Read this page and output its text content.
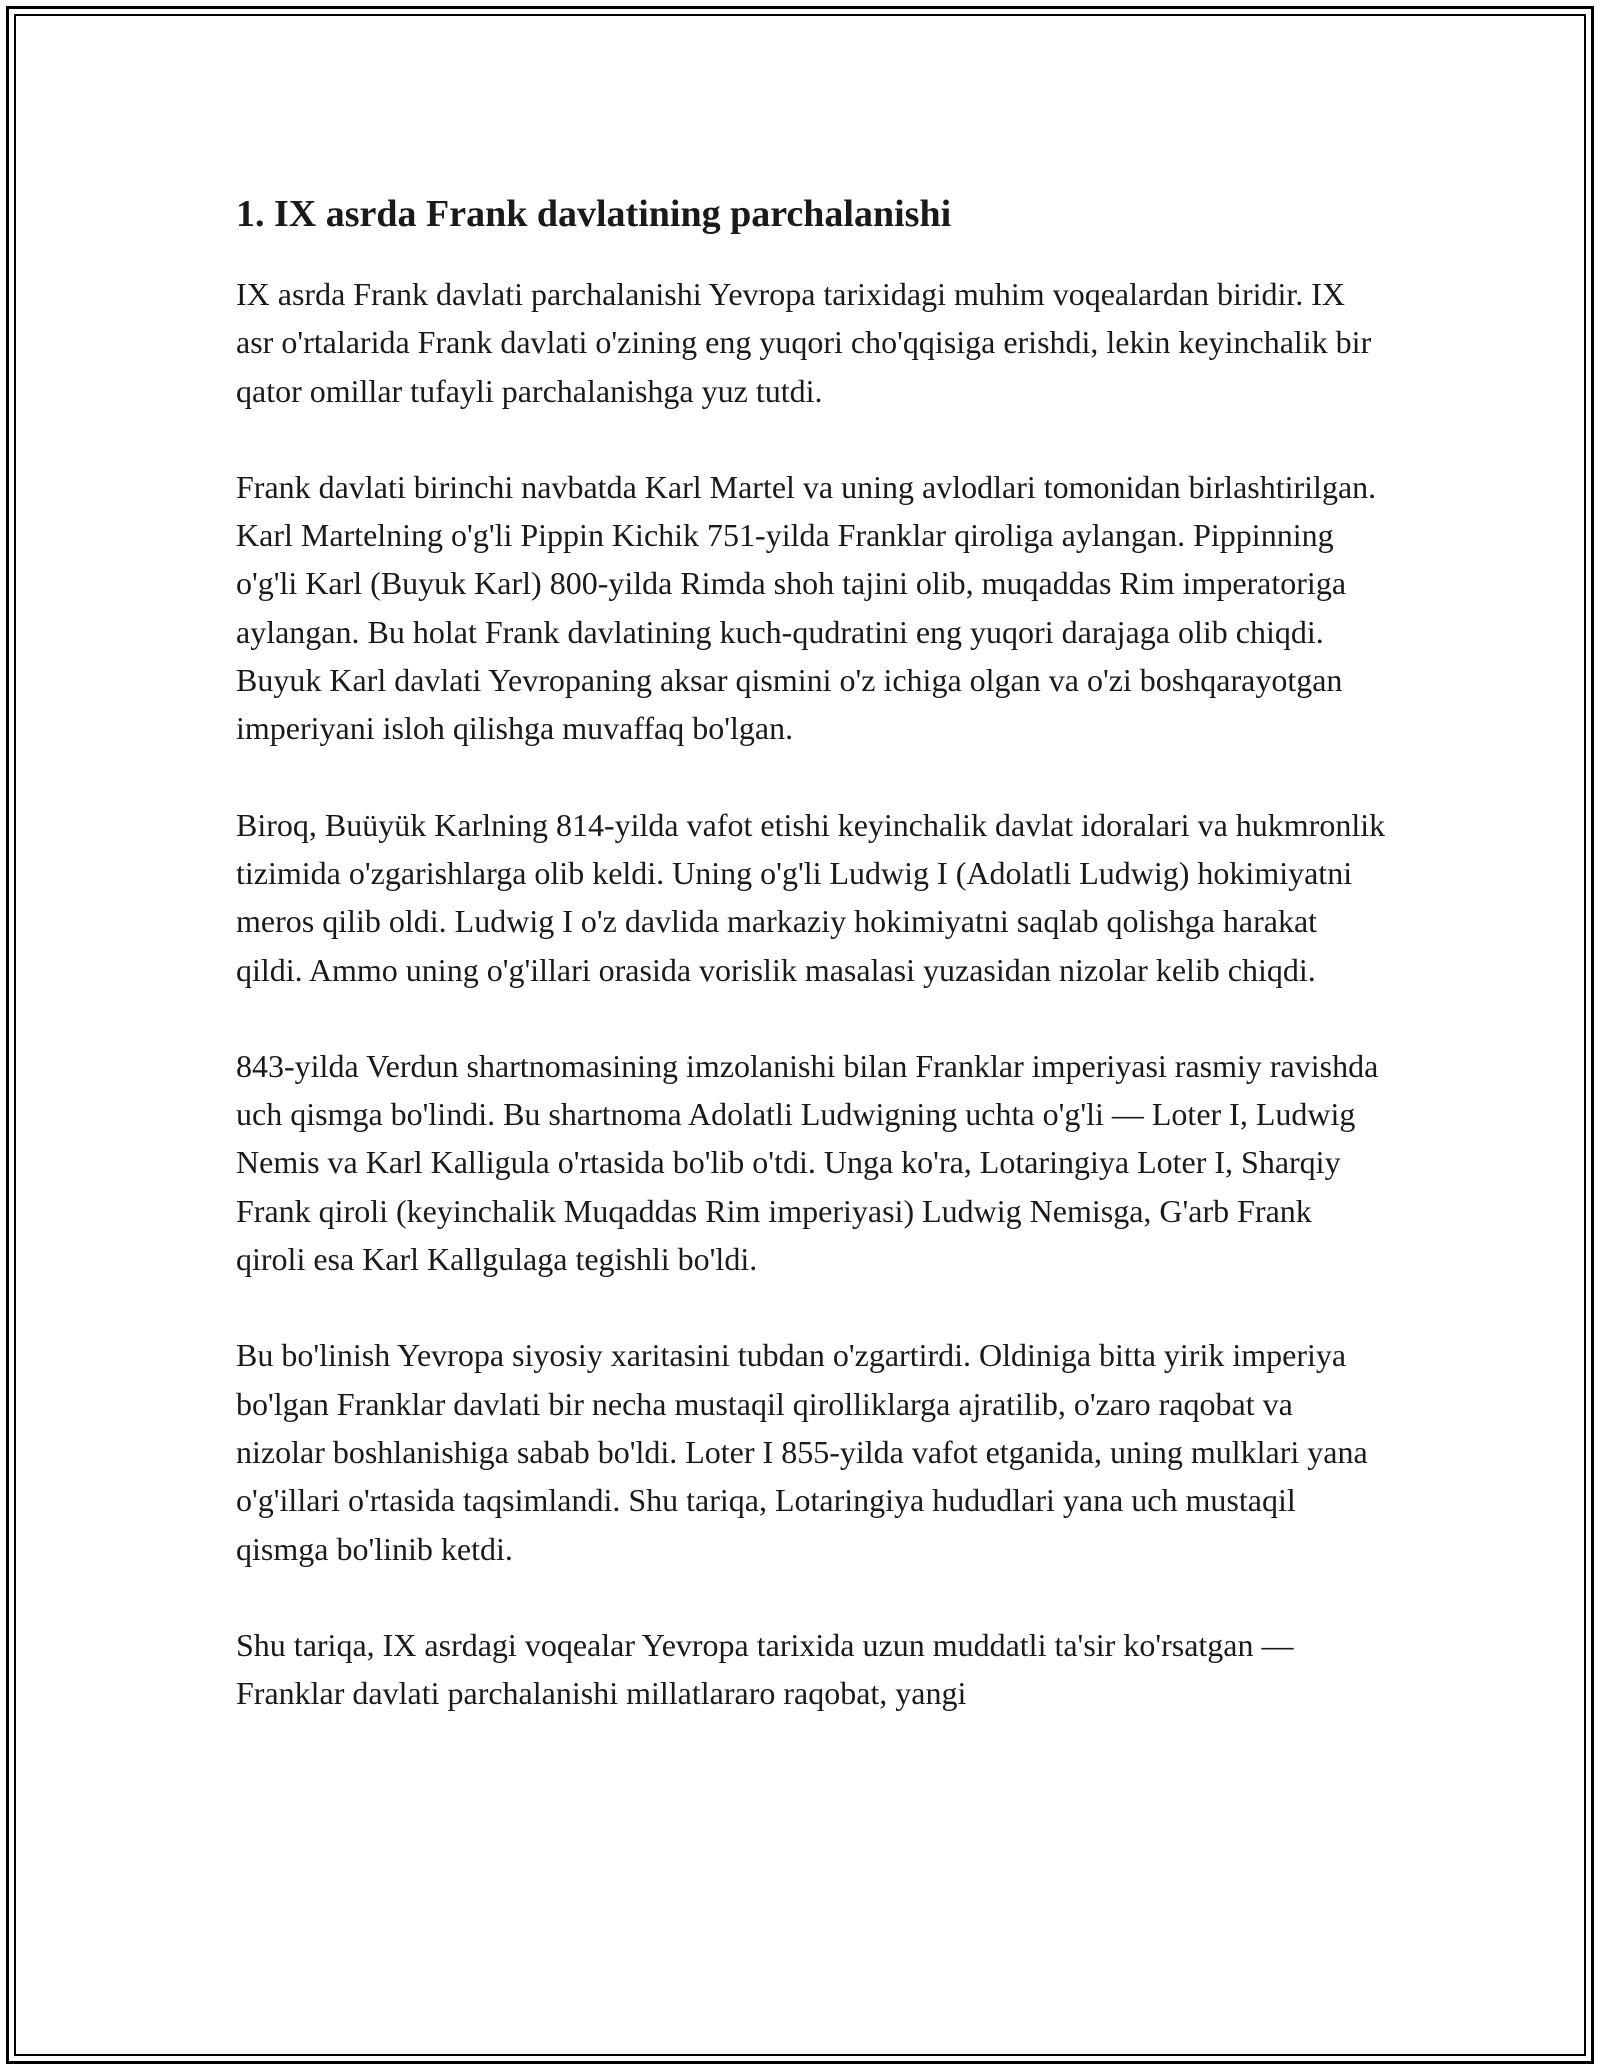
1. IX asrda Frank davlatining parchalanishi

IX asrda Frank davlati parchalanishi Yevropa tarixidagi muhim voqealardan biridir. IX asr o'rtalarida Frank davlati o'zining eng yuqori cho'qqisiga erishdi, lekin keyinchalik bir qator omillar tufayli parchalanishga yuz tutdi.

Frank davlati birinchi navbatda Karl Martel va uning avlodlari tomonidan birlashtirilgan. Karl Martelning o'g'li Pippin Kichik 751-yilda Franklar qiroliga aylangan. Pippinning o'g'li Karl (Buyuk Karl) 800-yilda Rimda shoh tajini olib, muqaddas Rim imperatoriga aylangan. Bu holat Frank davlatining kuch-qudratini eng yuqori darajaga olib chiqdi. Buyuk Karl davlati Yevropaning aksar qismini o'z ichiga olgan va o'zi boshqarayotgan imperiyani isloh qilishga muvaffaq bo'lgan.

Biroq, Buüyük Karlning 814-yilda vafot etishi keyinchalik davlat idoralari va hukmronlik tizimida o'zgarishlarga olib keldi. Uning o'g'li Ludwig I (Adolatli Ludwig) hokimiyatni meros qilib oldi. Ludwig I o'z davlida markaziy hokimiyatni saqlab qolishga harakat qildi. Ammo uning o'g'illari orasida vorislik masalasi yuzasidan nizolar kelib chiqdi.

843-yilda Verdun shartnomasining imzolanishi bilan Franklar imperiyasi rasmiy ravishda uch qismga bo'lindi. Bu shartnoma Adolatli Ludwigning uchta o'g'li — Loter I, Ludwig Nemis va Karl Kalligula o'rtasida bo'lib o'tdi. Unga ko'ra, Lotaringiya Loter I, Sharqiy Frank qiroli (keyinchalik Muqaddas Rim imperiyasi) Ludwig Nemisga, G'arb Frank qiroli esa Karl Kallgulaga tegishli bo'ldi.

Bu bo'linish Yevropa siyosiy xaritasini tubdan o'zgartirdi. Oldiniga bitta yirik imperiya bo'lgan Franklar davlati bir necha mustaqil qirolliklarga ajratilib, o'zaro raqobat va nizolar boshlanishiga sabab bo'ldi. Loter I 855-yilda vafot etganida, uning mulklari yana o'g'illari o'rtasida taqsimlandi. Shu tariqa, Lotaringiya hududlari yana uch mustaqil qismga bo'linib ketdi.

Shu tariqa, IX asrdagi voqealar Yevropa tarixida uzun muddatli ta'sir ko'rsatgan — Franklar davlati parchalanishi millatlararo raqobat, yangi
